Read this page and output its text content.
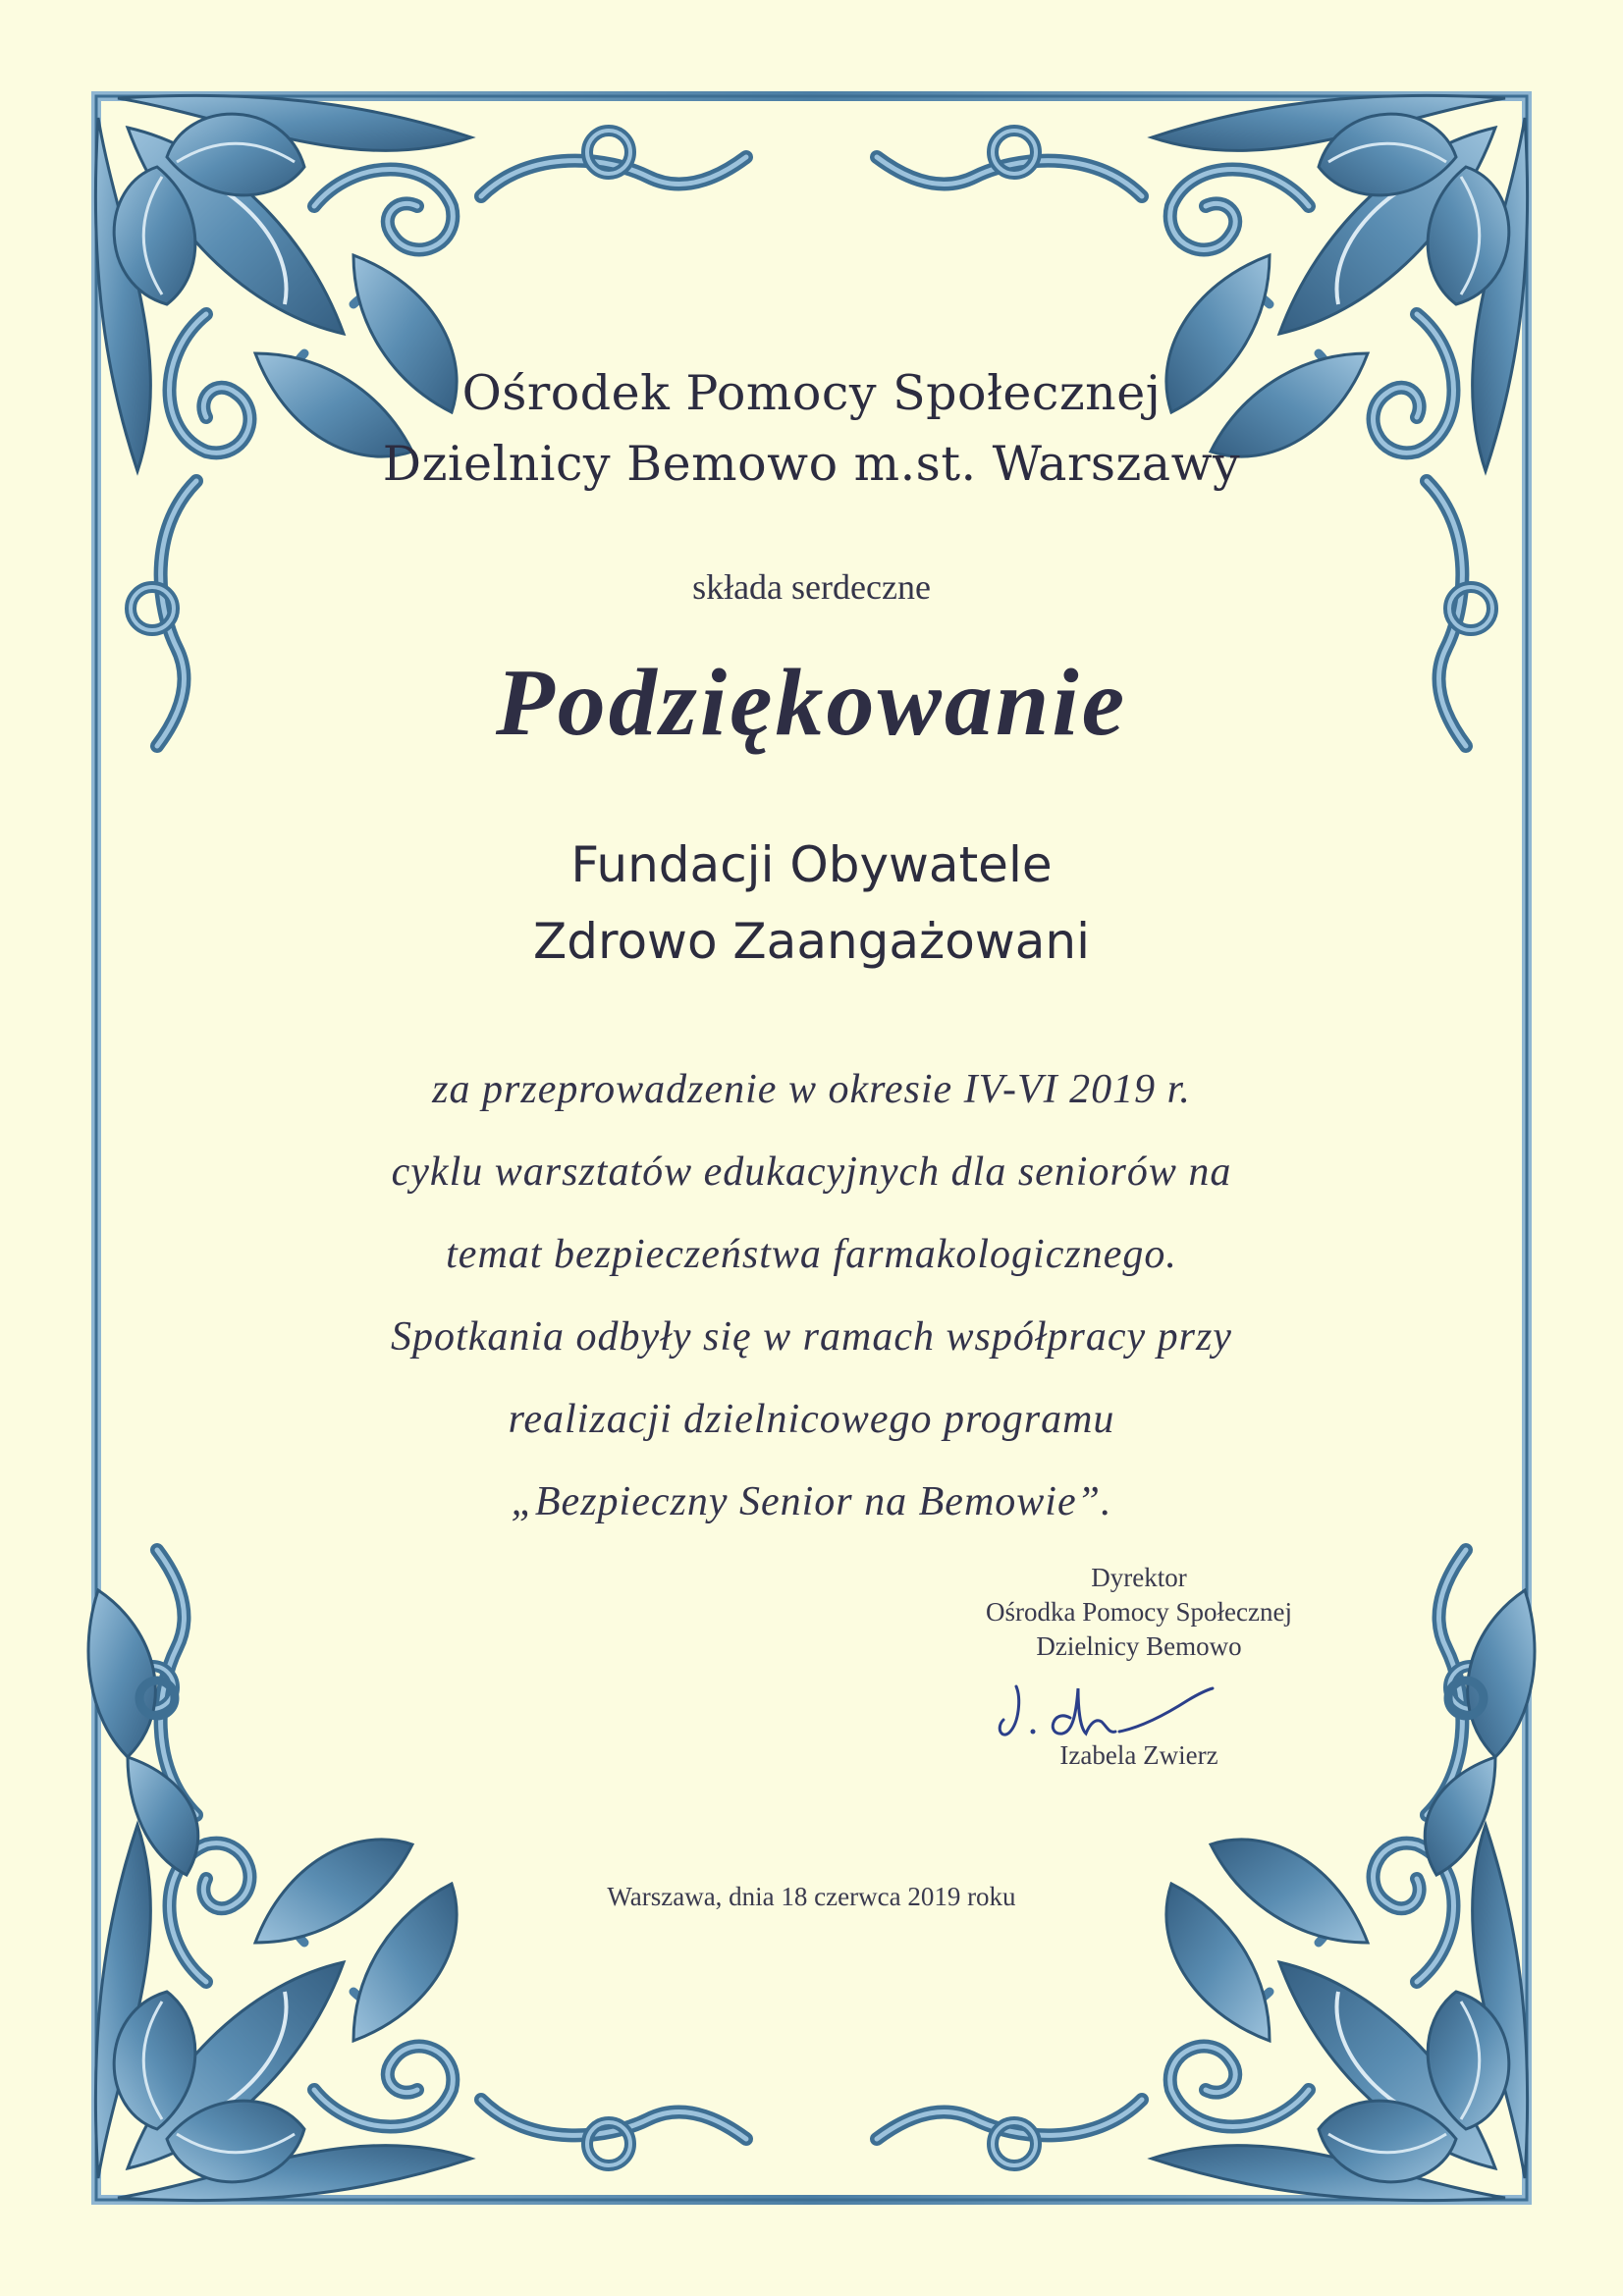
Ośrodek Pomocy Społecznej
Dzielnicy Bemowo m.st. Warszawy
składa serdeczne
Podziękowanie
Fundacji Obywatele
Zdrowo Zaangażowani
za przeprowadzenie w okresie IV-VI 2019 r.
cyklu warsztatów edukacyjnych dla seniorów na
temat bezpieczeństwa farmakologicznego.
Spotkania odbyły się w ramach współpracy przy
realizacji dzielnicowego programu
„Bezpieczny Senior na Bemowie”.
Dyrektor
Ośrodka Pomocy Społecznej
Dzielnicy Bemowo
Izabela Zwierz
Warszawa, dnia 18 czerwca 2019 roku
